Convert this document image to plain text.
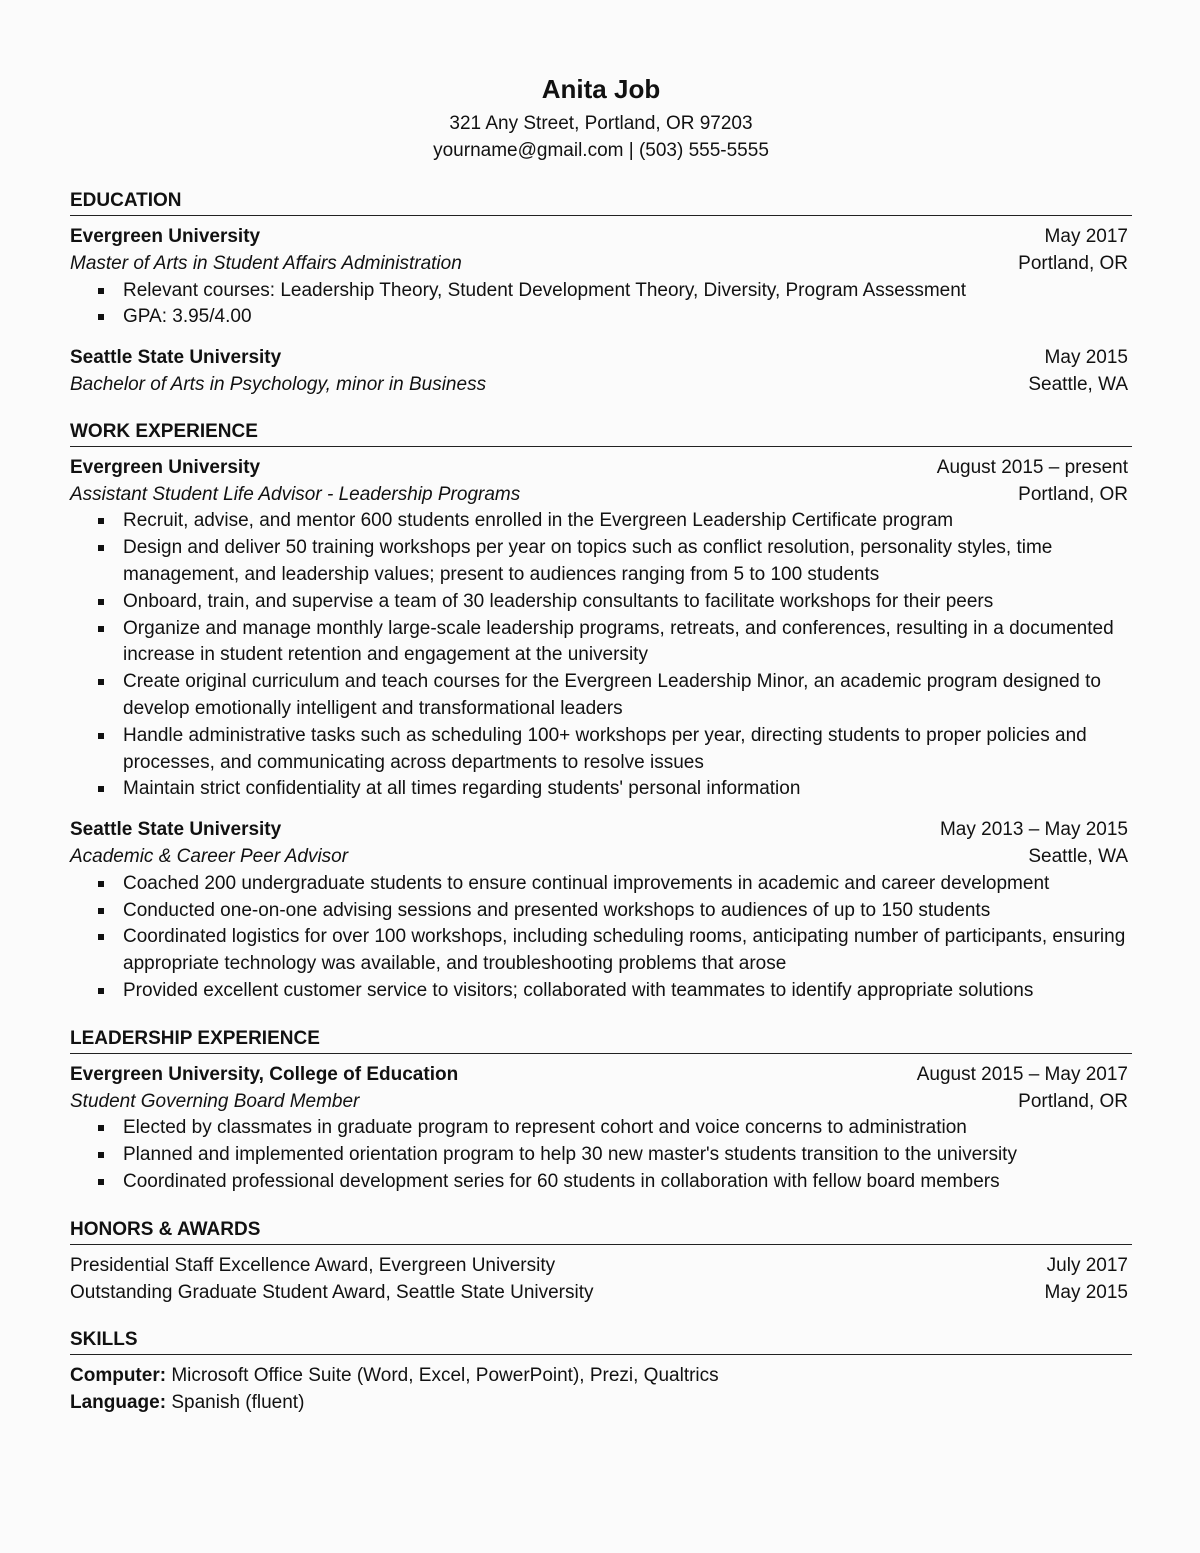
Anita Job
321 Any Street, Portland, OR 97203
yourname@gmail.com | (503) 555-5555
EDUCATION
Evergreen University	May 2017
Master of Arts in Student Affairs Administration	Portland, OR
Relevant courses: Leadership Theory, Student Development Theory, Diversity, Program Assessment
GPA: 3.95/4.00
Seattle State University	May 2015
Bachelor of Arts in Psychology, minor in Business	Seattle, WA
WORK EXPERIENCE
Evergreen University	August 2015 – present
Assistant Student Life Advisor - Leadership Programs	Portland, OR
Recruit, advise, and mentor 600 students enrolled in the Evergreen Leadership Certificate program
Design and deliver 50 training workshops per year on topics such as conflict resolution, personality styles, time management, and leadership values; present to audiences ranging from 5 to 100 students
Onboard, train, and supervise a team of 30 leadership consultants to facilitate workshops for their peers
Organize and manage monthly large-scale leadership programs, retreats, and conferences, resulting in a documented increase in student retention and engagement at the university
Create original curriculum and teach courses for the Evergreen Leadership Minor, an academic program designed to develop emotionally intelligent and transformational leaders
Handle administrative tasks such as scheduling 100+ workshops per year, directing students to proper policies and processes, and communicating across departments to resolve issues
Maintain strict confidentiality at all times regarding students' personal information
Seattle State University	May 2013 – May 2015
Academic & Career Peer Advisor	Seattle, WA
Coached 200 undergraduate students to ensure continual improvements in academic and career development
Conducted one-on-one advising sessions and presented workshops to audiences of up to 150 students
Coordinated logistics for over 100 workshops, including scheduling rooms, anticipating number of participants, ensuring appropriate technology was available, and troubleshooting problems that arose
Provided excellent customer service to visitors; collaborated with teammates to identify appropriate solutions
LEADERSHIP EXPERIENCE
Evergreen University, College of Education	August 2015 – May 2017
Student Governing Board Member	Portland, OR
Elected by classmates in graduate program to represent cohort and voice concerns to administration
Planned and implemented orientation program to help 30 new master's students transition to the university
Coordinated professional development series for 60 students in collaboration with fellow board members
HONORS & AWARDS
Presidential Staff Excellence Award, Evergreen University	July 2017
Outstanding Graduate Student Award, Seattle State University	May 2015
SKILLS
Computer: Microsoft Office Suite (Word, Excel, PowerPoint), Prezi, Qualtrics
Language: Spanish (fluent)
